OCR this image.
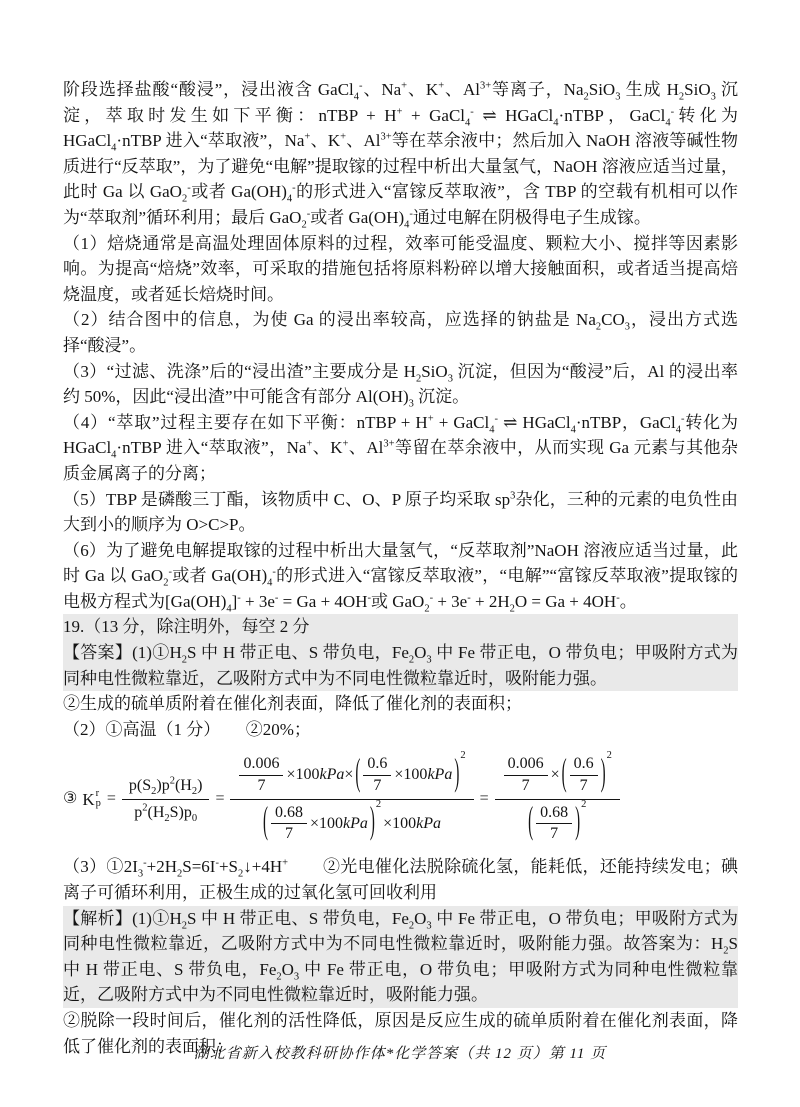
阶段选择盐酸“酸浸”，浸出液含 GaCl$_4$-、Na+、K+、$Al^{3+}$等离子，$Na_2SiO_3$ 生成 $H_2SiO_3$ 沉淀，萃取时发生如下平衡：nTBP + H+ + GaCl$_4$- ⇌ HGaCl$_4$·nTBP，GaCl$_4$-转化为 HGaCl$_4$·nTBP 进入“萃取液”，Na+、K+、$Al^{3+}$等在萃余液中；然后加入 NaOH 溶液等碱性物质进行“反萃取”，为了避免“电解”提取镓的过程中析出大量氢气，NaOH 溶液应适当过量，此时 Ga 以 GaO$_2$-或者 $Ga(OH)_4^-$的形式进入“富镓反萃取液”，含 TBP 的空载有机相可以作为“萃取剂”循环利用；最后 GaO$_2$-或者 $Ga(OH)_4^-$通过电解在阴极得电子生成镓。

（1）焙烧通常是高温处理固体原料的过程，效率可能受温度、颗粒大小、搅拌等因素影响。为提高“焙烧”效率，可采取的措施包括将原料粉碎以增大接触面积，或者适当提高焙烧温度，或者延长焙烧时间。

（2）结合图中的信息，为使 Ga 的浸出率较高，应选择的钠盐是 $Na_2CO_3$，浸出方式选择“酸浸”。

（3）“过滤、洗涤”后的“浸出渣”主要成分是 $H_2SiO_3$ 沉淀，但因为“酸浸”后，Al 的浸出率约 50%，因此“浸出渣”中可能含有部分 $Al(OH)_3$ 沉淀。

（4）“萃取”过程主要存在如下平衡：nTBP + H+ + GaCl$_4$- ⇌ HGaCl$_4$·nTBP，GaCl$_4$-转化为 HGaCl$_4$·nTBP 进入“萃取液”，Na+、K+、$Al^{3+}$等留在萃余液中，从而实现 Ga 元素与其他杂质金属离子的分离；

（5）TBP 是磷酸三丁酯，该物质中 C、O、P 原子均采取 $sp^3$杂化，三种的元素的电负性由大到小的顺序为 O>C>P。

（6）为了避免电解提取镓的过程中析出大量氢气，“反萃取剂”NaOH 溶液应适当过量，此时 Ga 以 GaO$_2$-或者 $Ga(OH)_4^-$的形式进入“富镓反萃取液”，“电解”“富镓反萃取液”提取镓的电极方程式为$[Ga(OH)_4]^- + 3e^- = Ga + 4OH^-$或 $GaO_2^- + 3e^- + 2H_2O = Ga + 4OH^-$。

19.（13 分，除注明外，每空 2 分

【答案】$(1)①H_2S$ 中 H 带正电、S 带负电，$Fe_2O_3$ 中 Fe 带正电，O 带负电；甲吸附方式为同种电性微粒靠近，乙吸附方式中为不同电性微粒靠近时，吸附能力强。

②生成的硫单质附着在催化剂表面，降低了催化剂的表面积；

（2）①高温（1 分）　　②20%；

③ K r
$p = \frac{p(S_2)p^2(H_2)}{p^2(H_2S)p_0}$ =
$\frac{0.006}{7} \times 100kPa\times$ ( $\frac{0.6}{7} \times 100kPa$ )$^2$
( $\frac{0.68}{7} \times 100kPa$ )$^2$
×100kPa
= $\frac{\frac{0.006}{7} \times ( \frac{0.6}{7} )^2}{( \frac{0.68}{7} )^2}$

$(3)①2I_3^-+2H_2S=6I^-+S_2↓+4H^+$　　②光电催化法脱除硫化氢，能耗低，还能持续发电；碘离子可循环利用，正极生成的过氧化氢可回收利用

【解析】$(1)①H_2S$ 中 H 带正电、S 带负电，$Fe_2O_3$ 中 Fe 带正电，O 带负电；甲吸附方式为同种电性微粒靠近，乙吸附方式中为不同电性微粒靠近时，吸附能力强。故答案为：$H_2S$ 中 H 带正电、S 带负电，$Fe_2O_3$ 中 Fe 带正电，O 带负电；甲吸附方式为同种电性微粒靠近，乙吸附方式中为不同电性微粒靠近时，吸附能力强。

②脱除一段时间后，催化剂的活性降低，原因是反应生成的硫单质附着在催化剂表面，降低了催化剂的表面积；

湖北省新入校教科研协作体*化学答案（共 12 页）第 11 页
